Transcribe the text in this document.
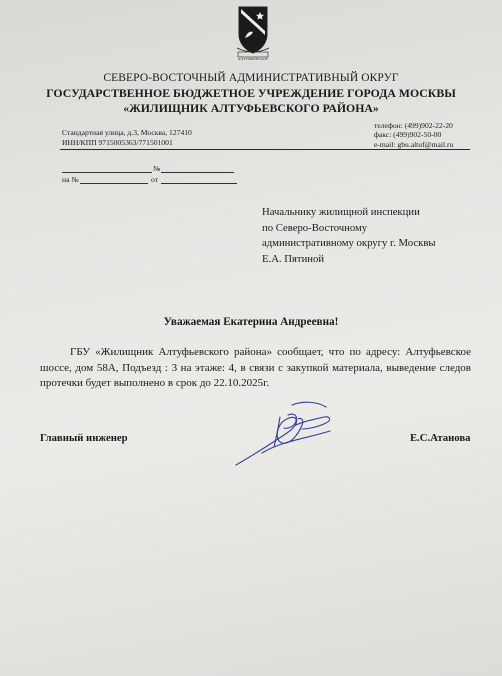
АЛТУФЬЕВСКОЕ
СЕВЕРО-ВОСТОЧНЫЙ АДМИНИСТРАТИВНЫЙ ОКРУГ
ГОСУДАРСТВЕННОЕ БЮДЖЕТНОЕ УЧРЕЖДЕНИЕ ГОРОДА МОСКВЫ
«ЖИЛИЩНИК АЛТУФЬЕВСКОГО РАЙОНА»
Стандартная улица, д.3, Москва, 127410
ИНН/КПП 9715005363/771501001
телефон: (499)902-22-20
факс: (499)902-50-00
e-mail: gbu.altuf@mail.ru
№
на №	от
Начальнику жилищной инспекции
по Северо-Восточному
административному округу г. Москвы
Е.А. Пятиной
Уважаемая Екатерина Андреевна!
ГБУ «Жилищник Алтуфьевского района» сообщает, что по адресу: Алтуфьевское шоссе, дом 58А, Подъезд : 3 на этаже: 4, в связи с закупкой материала, выведение следов протечки будет выполнено в срок до 22.10.2025г.
Главный инженер	Е.С.Атанова
